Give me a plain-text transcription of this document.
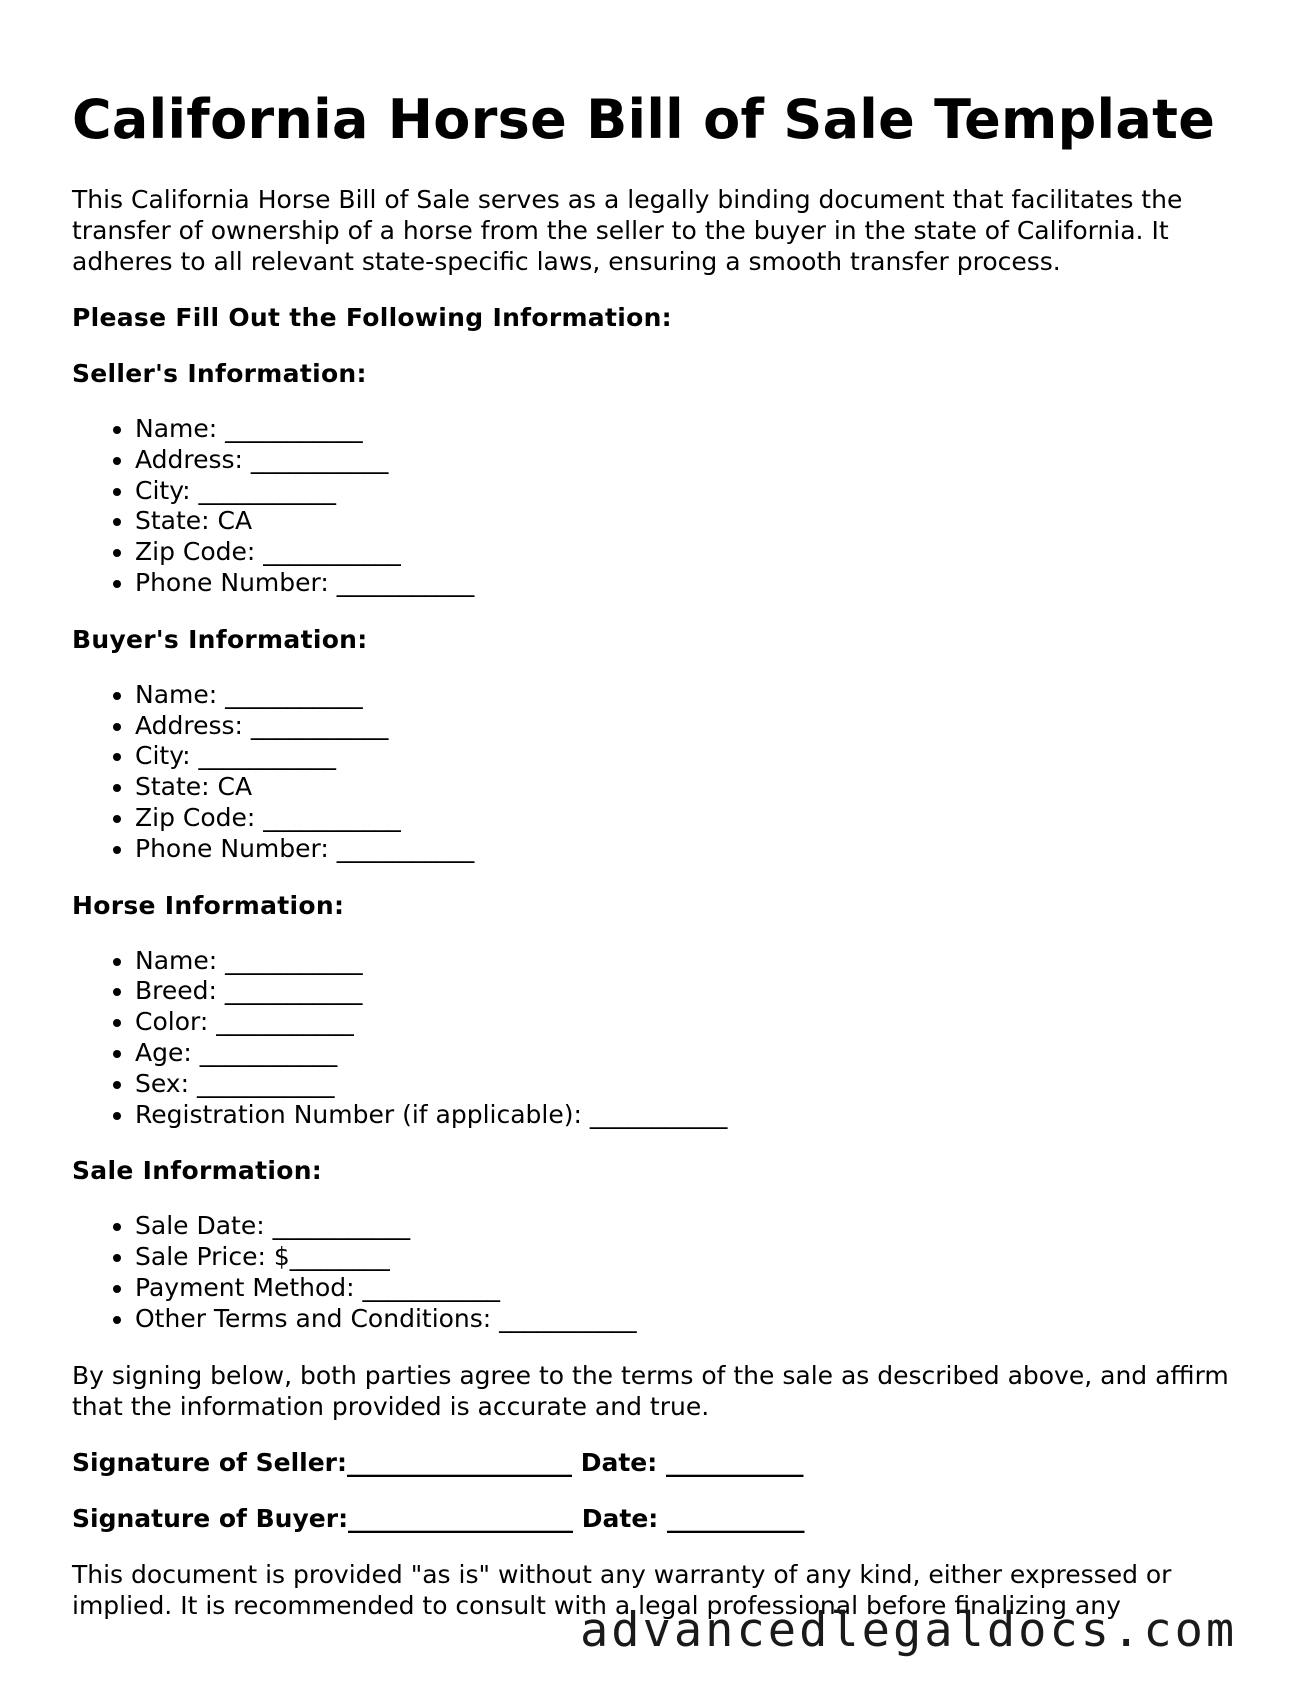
California Horse Bill of Sale Template

This California Horse Bill of Sale serves as a legally binding document that facilitates the transfer of ownership of a horse from the seller to the buyer in the state of California. It adheres to all relevant state-specific laws, ensuring a smooth transfer process.

Please Fill Out the Following Information:
Seller's Information:
• Name: ___________
• Address: ___________
• City: ___________
• State: CA
• Zip Code: ___________
• Phone Number: ___________
Buyer's Information:
• Name: ___________
• Address: ___________
• City: ___________
• State: CA
• Zip Code: ___________
• Phone Number: ___________
Horse Information:
• Name: ___________
• Breed: ___________
• Color: ___________
• Age: ___________
• Sex: ___________
• Registration Number (if applicable): ___________
Sale Information:
• Sale Date: ___________
• Sale Price: $________
• Payment Method: ___________
• Other Terms and Conditions: ___________

By signing below, both parties agree to the terms of the sale as described above, and affirm that the information provided is accurate and true.

Signature of Seller:__________________ Date: ___________
Signature of Buyer:__________________ Date: ___________

This document is provided "as is" without any warranty of any kind, either expressed or implied. It is recommended to consult with a legal professional before finalizing any

advancedlegaldocs.com
